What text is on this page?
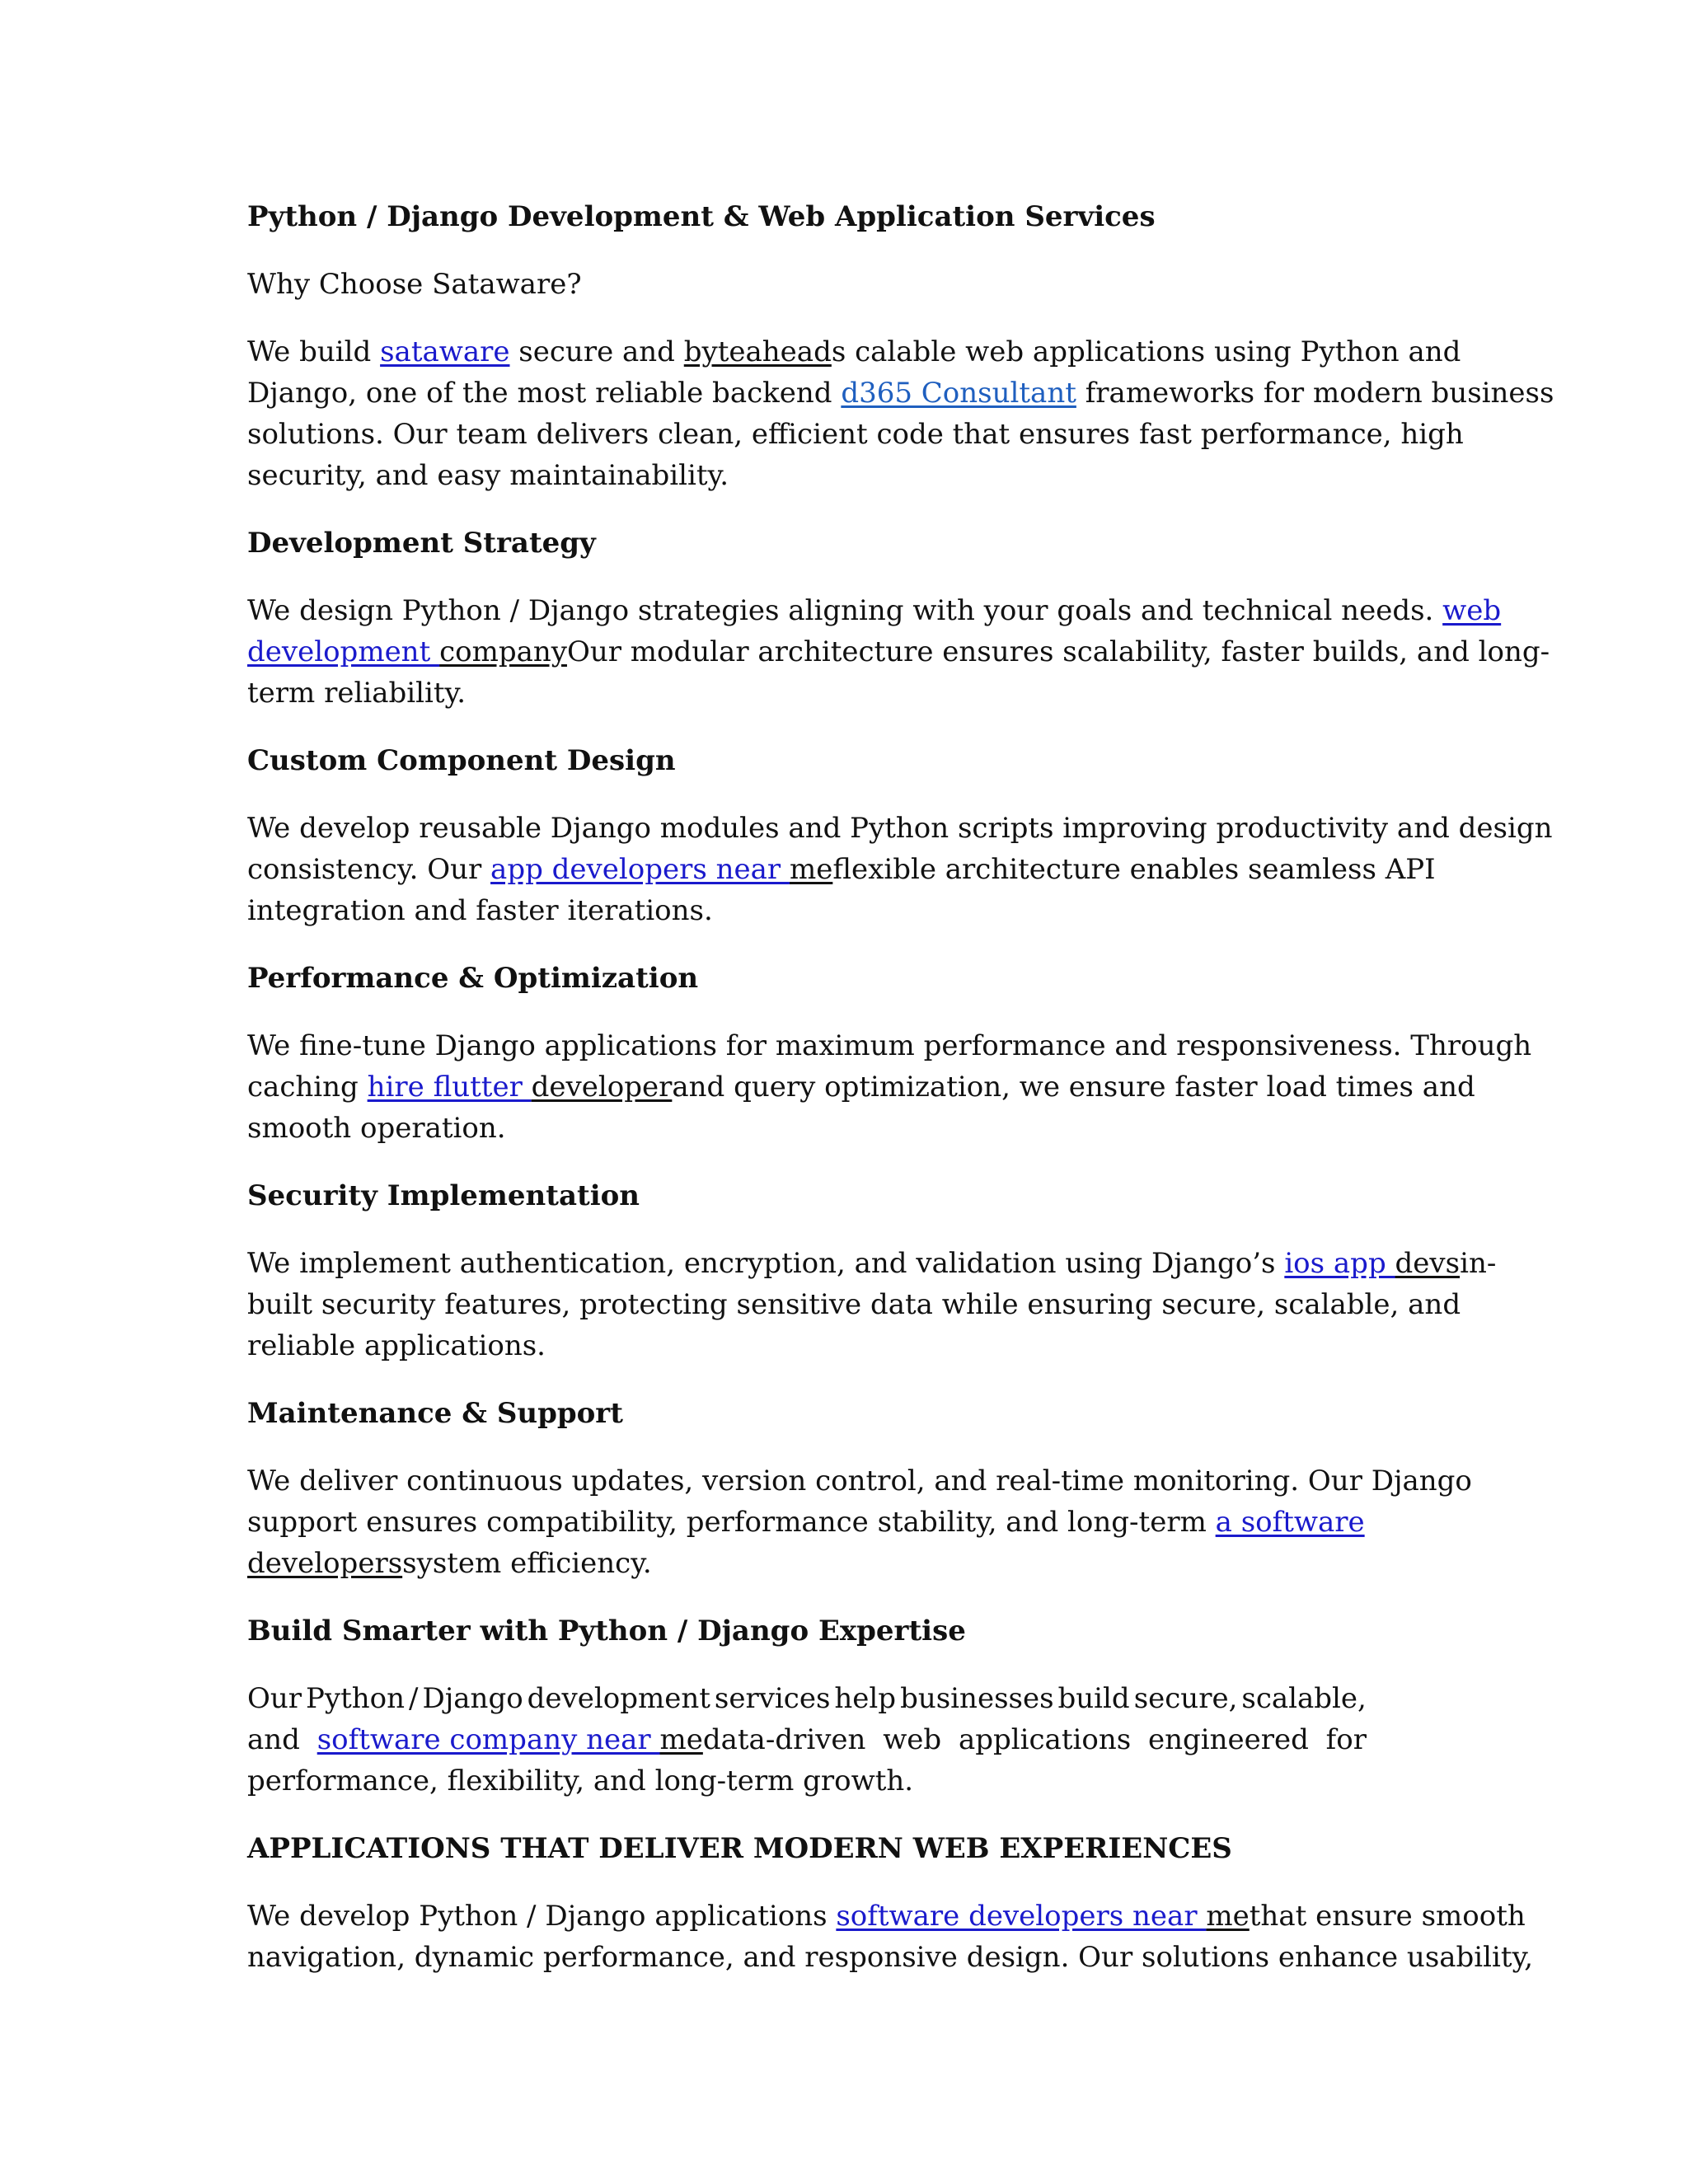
Python / Django Development & Web Application Services
Why Choose Sataware?
We build sataware secure and byteaheads calable web applications using Python and
Django, one of the most reliable backend d365 Consultant frameworks for modern business
solutions. Our team delivers clean, efficient code that ensures fast performance, high
security, and easy maintainability.
Development Strategy
We design Python / Django strategies aligning with your goals and technical needs. web
development companyOur modular architecture ensures scalability, faster builds, and long-
term reliability.
Custom Component Design
We develop reusable Django modules and Python scripts improving productivity and design
consistency. Our app developers near meflexible architecture enables seamless API
integration and faster iterations.
Performance & Optimization
We fine-tune Django applications for maximum performance and responsiveness. Through
caching hire flutter developerand query optimization, we ensure faster load times and
smooth operation.
Security Implementation
We implement authentication, encryption, and validation using Django’s ios app devsin-
built security features, protecting sensitive data while ensuring secure, scalable, and
reliable applications.
Maintenance & Support
We deliver continuous updates, version control, and real-time monitoring. Our Django
support ensures compatibility, performance stability, and long-term a software
developerssystem efficiency.
Build Smarter with Python / Django Expertise
Our Python / Django development services help businesses build secure, scalable,
and software company near medata-driven web applications engineered for
performance, flexibility, and long-term growth.
APPLICATIONS THAT DELIVER MODERN WEB EXPERIENCES
We develop Python / Django applications software developers near methat ensure smooth
navigation, dynamic performance, and responsive design. Our solutions enhance usability,
